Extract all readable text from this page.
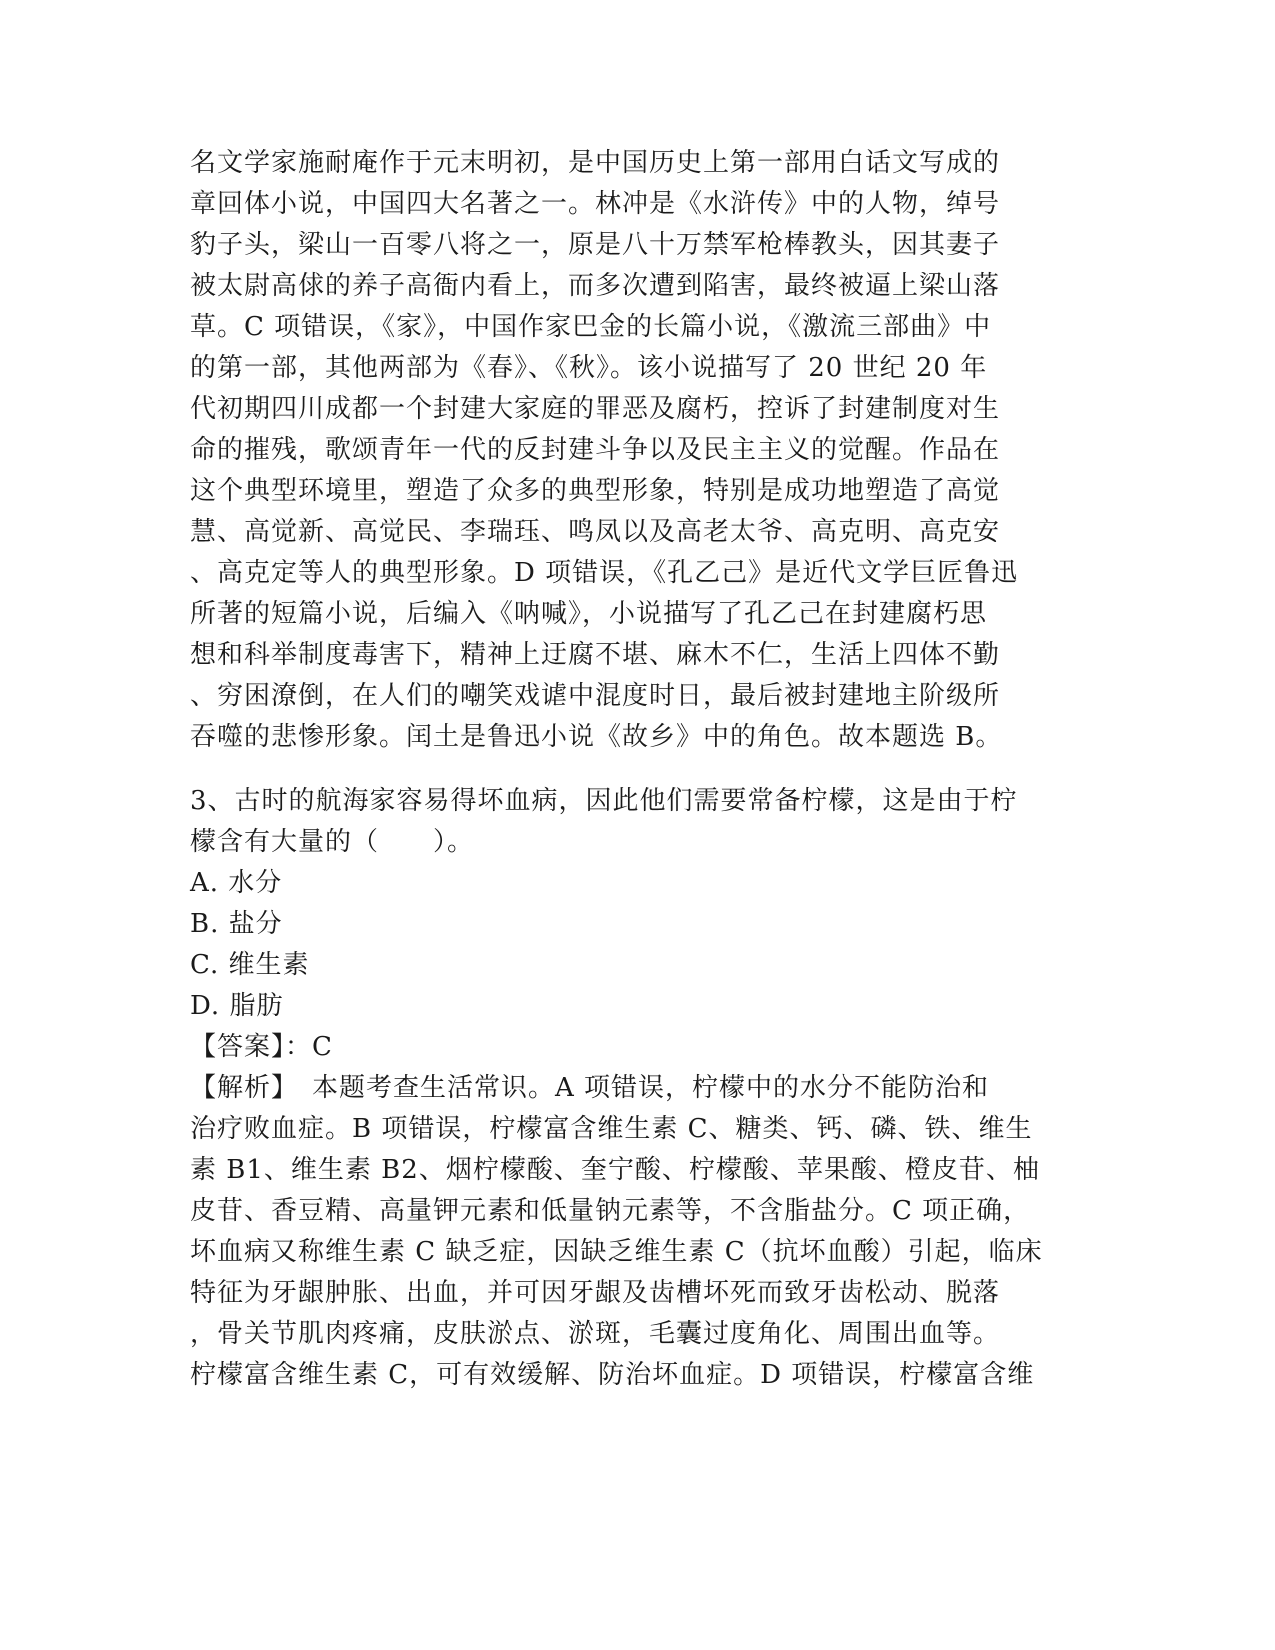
名文学家施耐庵作于元末明初，是中国历史上第一部用白话文写成的
章回体小说，中国四大名著之一。林冲是《水浒传》中的人物，绰号
豹子头，梁山一百零八将之一，原是八十万禁军枪棒教头，因其妻子
被太尉高俅的养子高衙内看上，而多次遭到陷害，最终被逼上梁山落
草。C 项错误，《家》，中国作家巴金的长篇小说，《激流三部曲》中
的第一部，其他两部为《春》、《秋》。该小说描写了 20 世纪 20 年
代初期四川成都一个封建大家庭的罪恶及腐朽，控诉了封建制度对生
命的摧残，歌颂青年一代的反封建斗争以及民主主义的觉醒。作品在
这个典型环境里，塑造了众多的典型形象，特别是成功地塑造了高觉
慧、高觉新、高觉民、李瑞珏、鸣凤以及高老太爷、高克明、高克安
、高克定等人的典型形象。D 项错误，《孔乙己》是近代文学巨匠鲁迅
所著的短篇小说，后编入《呐喊》，小说描写了孔乙己在封建腐朽思
想和科举制度毒害下，精神上迂腐不堪、麻木不仁，生活上四体不勤
、穷困潦倒，在人们的嘲笑戏谑中混度时日，最后被封建地主阶级所
吞噬的悲惨形象。闰土是鲁迅小说《故乡》中的角色。故本题选 B。
3、古时的航海家容易得坏血病，因此他们需要常备柠檬，这是由于柠
檬含有大量的（　　）。
A. 水分
B. 盐分
C. 维生素
D. 脂肪
【答案】：C
【解析】　本题考查生活常识。A 项错误，柠檬中的水分不能防治和
治疗败血症。B 项错误，柠檬富含维生素 C、糖类、钙、磷、铁、维生
素 B1、维生素 B2、烟柠檬酸、奎宁酸、柠檬酸、苹果酸、橙皮苷、柚
皮苷、香豆精、高量钾元素和低量钠元素等，不含脂盐分。C 项正确，
坏血病又称维生素 C 缺乏症，因缺乏维生素 C（抗坏血酸）引起，临床
特征为牙龈肿胀、出血，并可因牙龈及齿槽坏死而致牙齿松动、脱落
，骨关节肌肉疼痛，皮肤淤点、淤斑，毛囊过度角化、周围出血等。
柠檬富含维生素 C，可有效缓解、防治坏血症。D 项错误，柠檬富含维
